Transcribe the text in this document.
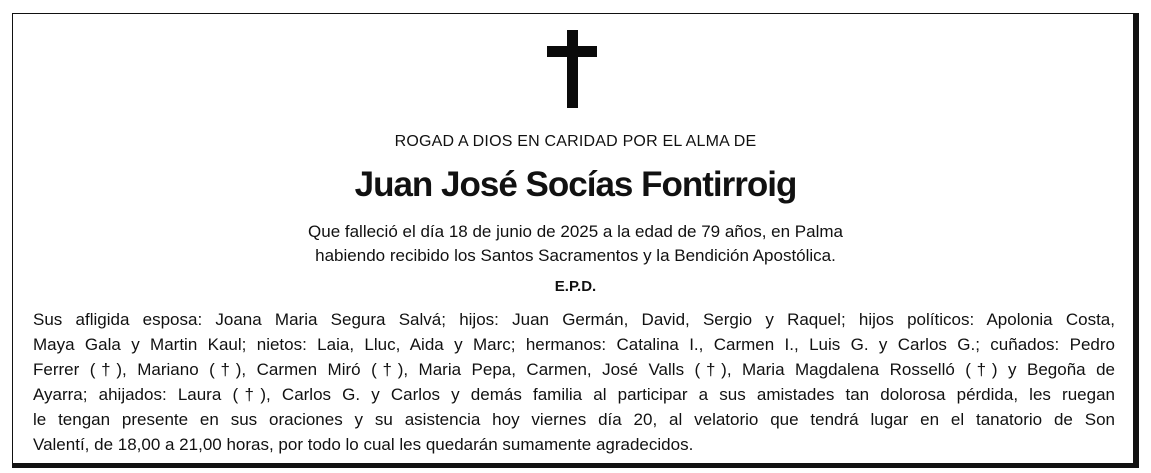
ROGAD A DIOS EN CARIDAD POR EL ALMA DE
Juan José Socías Fontirroig
Que falleció el día 18 de junio de 2025 a la edad de 79 años, en Palma
habiendo recibido los Santos Sacramentos y la Bendición Apostólica.
E.P.D.
Sus afligida esposa: Joana Maria Segura Salvá; hijos: Juan Germán, David, Sergio y Raquel; hijos políticos: Apolonia Costa,
Maya Gala y Martin Kaul; nietos: Laia, Lluc, Aida y Marc; hermanos: Catalina I., Carmen I., Luis G. y Carlos G.; cuñados: Pedro
Ferrer (†), Mariano (†), Carmen Miró (†), Maria Pepa, Carmen, José Valls (†), Maria Magdalena Rosselló (†) y Begoña de
Ayarra; ahijados: Laura (†), Carlos G. y Carlos y demás familia al participar a sus amistades tan dolorosa pérdida, les ruegan
le tengan presente en sus oraciones y su asistencia hoy viernes día 20, al velatorio que tendrá lugar en el tanatorio de Son
Valentí, de 18,00 a 21,00 horas, por todo lo cual les quedarán sumamente agradecidos.
